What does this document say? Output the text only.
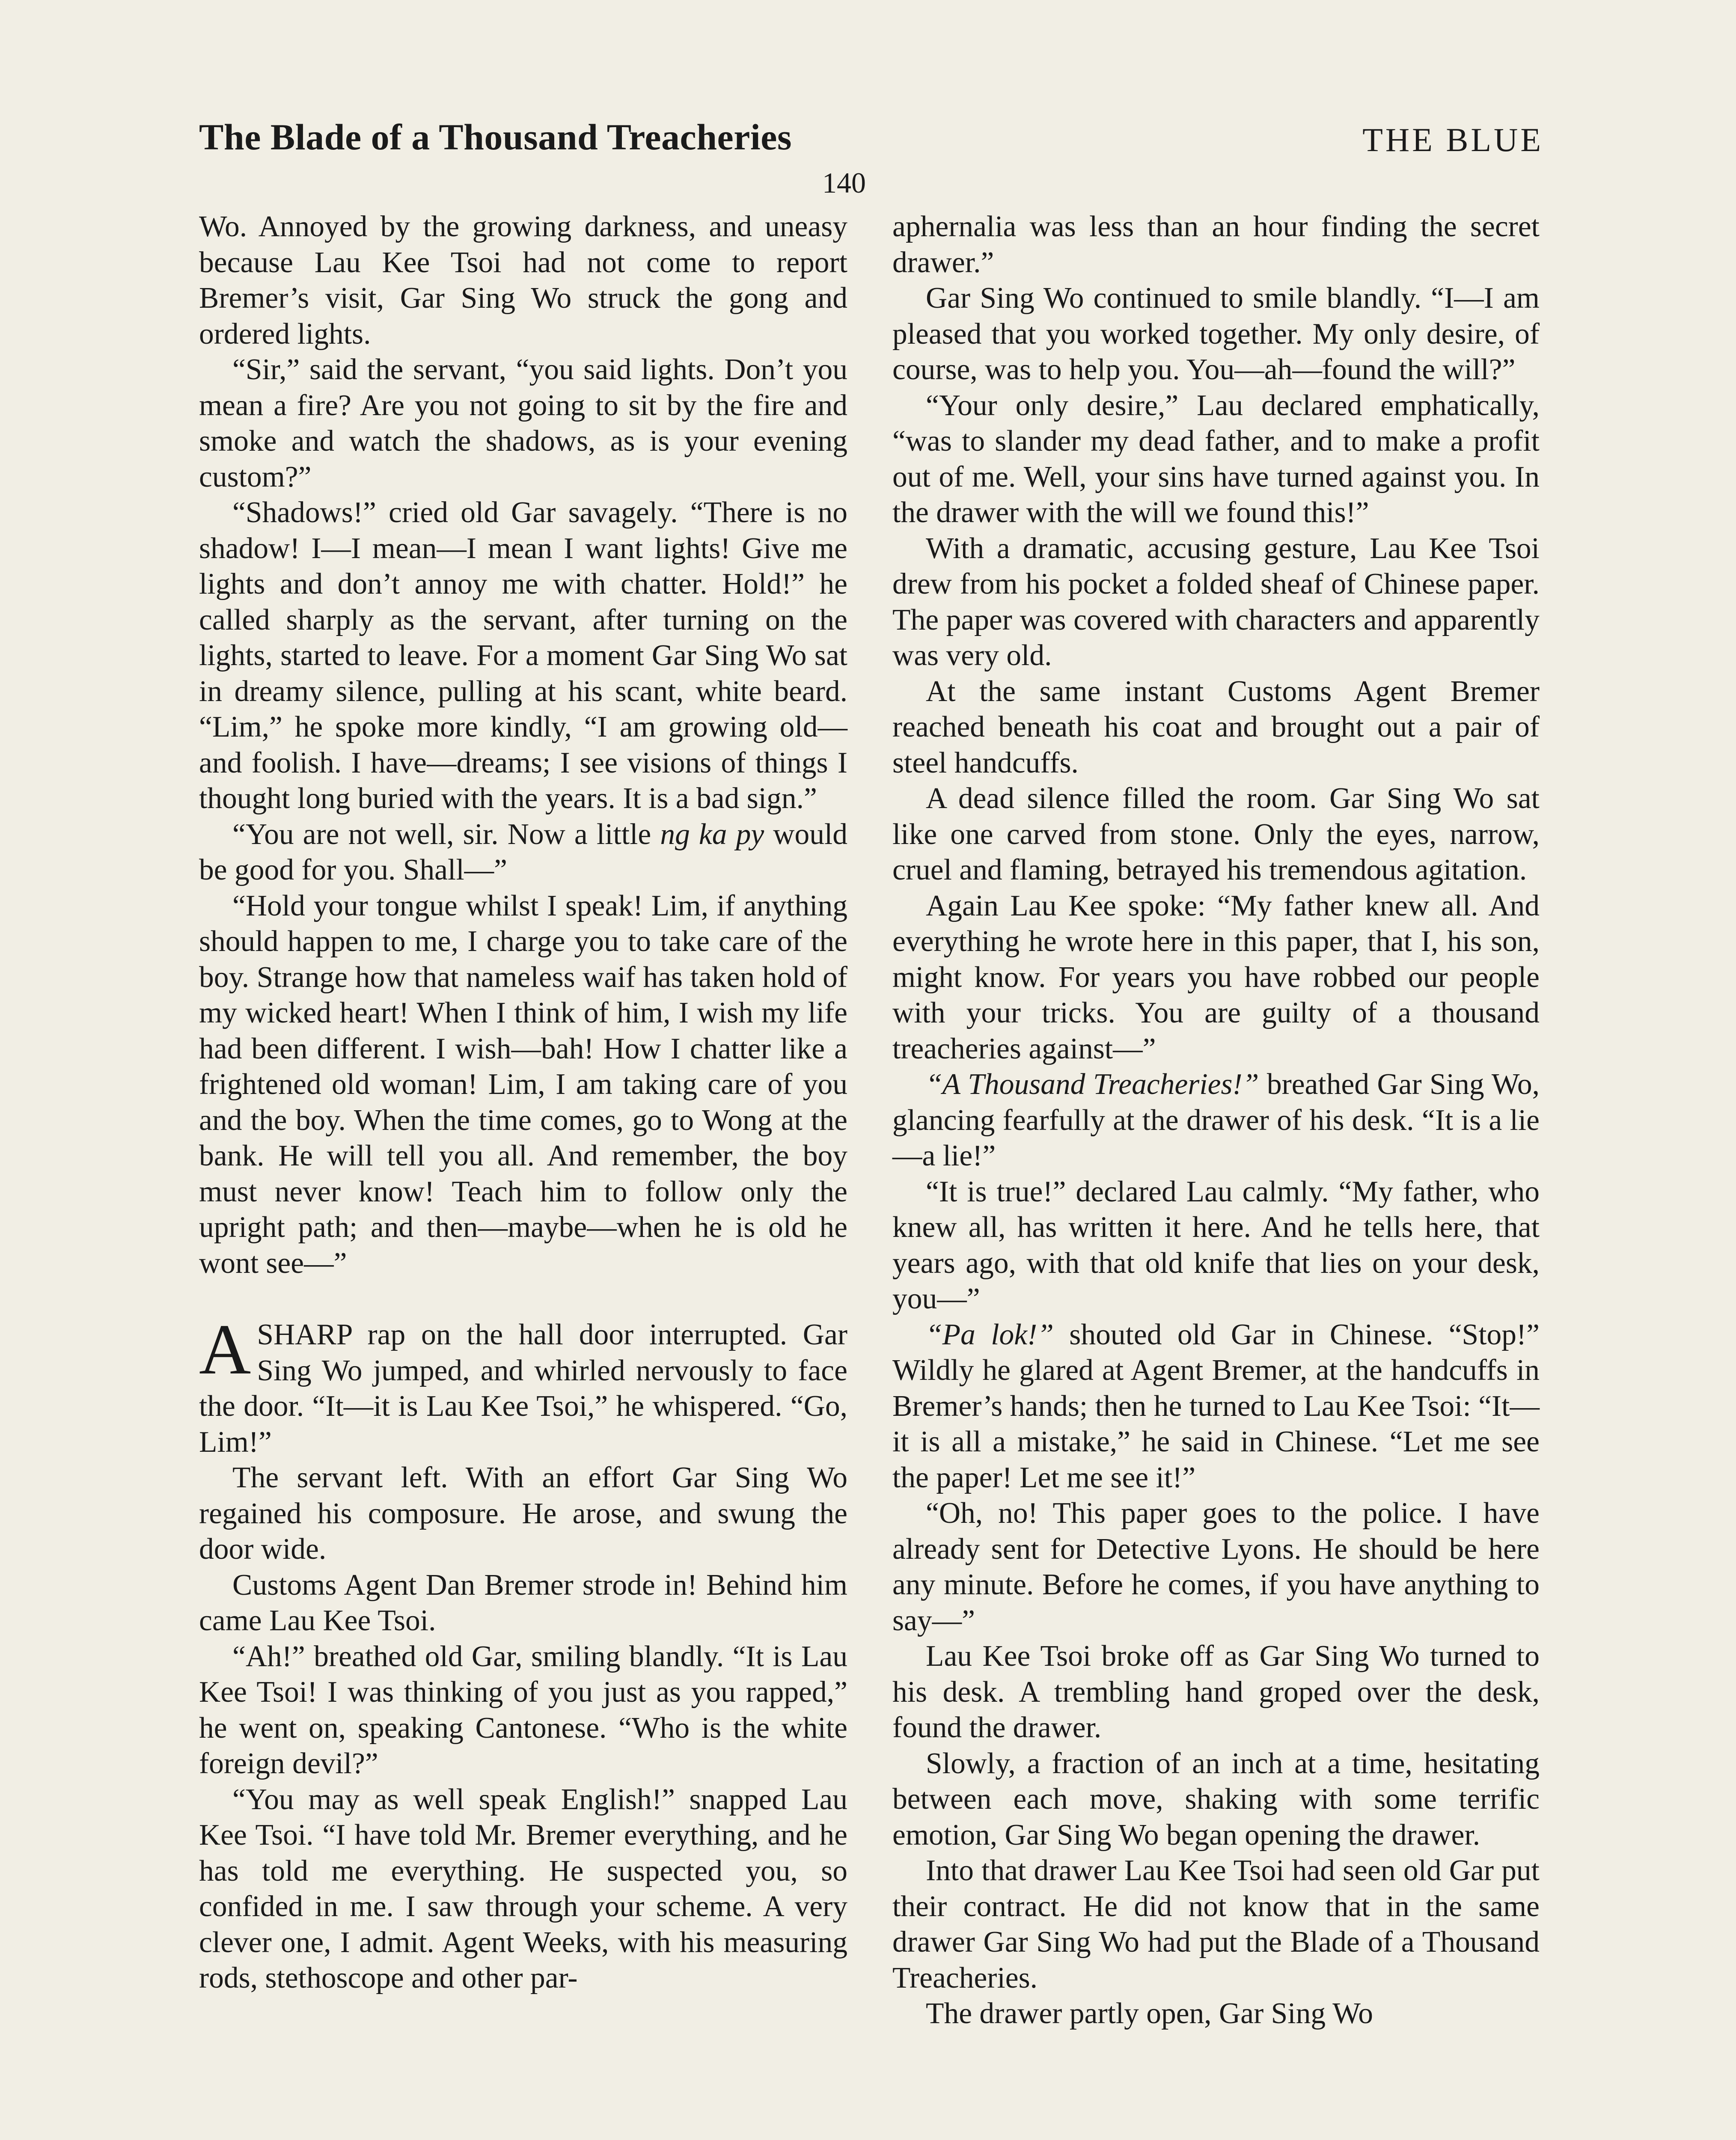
The Blade of a Thousand Treacheries	THE BLUE
140

Wo. Annoyed by the growing darkness, and uneasy because Lau Kee Tsoi had not come to report Bremer’s visit, Gar Sing Wo struck the gong and ordered lights.

“Sir,” said the servant, “you said lights. Don’t you mean a fire? Are you not going to sit by the fire and smoke and watch the shadows, as is your evening custom?”

“Shadows!” cried old Gar savagely. “There is no shadow! I—I mean—I mean I want lights! Give me lights and don’t annoy me with chatter. Hold!” he called sharply as the servant, after turning on the lights, started to leave. For a moment Gar Sing Wo sat in dreamy silence, pulling at his scant, white beard. “Lim,” he spoke more kindly, “I am growing old—and foolish. I have—dreams; I see visions of things I thought long buried with the years. It is a bad sign.”

“You are not well, sir. Now a little ng ka py would be good for you. Shall—”

“Hold your tongue whilst I speak! Lim, if anything should happen to me, I charge you to take care of the boy. Strange how that nameless waif has taken hold of my wicked heart! When I think of him, I wish my life had been different. I wish—bah! How I chatter like a frightened old woman! Lim, I am taking care of you and the boy. When the time comes, go to Wong at the bank. He will tell you all. And remember, the boy must never know! Teach him to follow only the upright path; and then—maybe—when he is old he wont see—”

ASHARP rap on the hall door interrupted. Gar Sing Wo jumped, and whirled nervously to face the door. “It—it is Lau Kee Tsoi,” he whispered. “Go, Lim!”

The servant left. With an effort Gar Sing Wo regained his composure. He arose, and swung the door wide.

Customs Agent Dan Bremer strode in! Behind him came Lau Kee Tsoi.

“Ah!” breathed old Gar, smiling blandly. “It is Lau Kee Tsoi! I was thinking of you just as you rapped,” he went on, speaking Cantonese. “Who is the white foreign devil?”

“You may as well speak English!” snapped Lau Kee Tsoi. “I have told Mr. Bremer everything, and he has told me everything. He suspected you, so confided in me. I saw through your scheme. A very clever one, I admit. Agent Weeks, with his measuring rods, stethoscope and other par-

aphernalia was less than an hour finding the secret drawer.”

Gar Sing Wo continued to smile blandly. “I—I am pleased that you worked together. My only desire, of course, was to help you. You—ah—found the will?”

“Your only desire,” Lau declared emphatically, “was to slander my dead father, and to make a profit out of me. Well, your sins have turned against you. In the drawer with the will we found this!”

With a dramatic, accusing gesture, Lau Kee Tsoi drew from his pocket a folded sheaf of Chinese paper. The paper was covered with characters and apparently was very old.

At the same instant Customs Agent Bremer reached beneath his coat and brought out a pair of steel handcuffs.

A dead silence filled the room. Gar Sing Wo sat like one carved from stone. Only the eyes, narrow, cruel and flaming, betrayed his tremendous agitation.

Again Lau Kee spoke: “My father knew all. And everything he wrote here in this paper, that I, his son, might know. For years you have robbed our people with your tricks. You are guilty of a thousand treacheries against—”

“A Thousand Treacheries!” breathed Gar Sing Wo, glancing fearfully at the drawer of his desk. “It is a lie—a lie!”

“It is true!” declared Lau calmly. “My father, who knew all, has written it here. And he tells here, that years ago, with that old knife that lies on your desk, you—”

“Pa lok!” shouted old Gar in Chinese. “Stop!” Wildly he glared at Agent Bremer, at the handcuffs in Bremer’s hands; then he turned to Lau Kee Tsoi: “It—it is all a mistake,” he said in Chinese. “Let me see the paper! Let me see it!”

“Oh, no! This paper goes to the police. I have already sent for Detective Lyons. He should be here any minute. Before he comes, if you have anything to say—”

Lau Kee Tsoi broke off as Gar Sing Wo turned to his desk. A trembling hand groped over the desk, found the drawer.

Slowly, a fraction of an inch at a time, hesitating between each move, shaking with some terrific emotion, Gar Sing Wo began opening the drawer.

Into that drawer Lau Kee Tsoi had seen old Gar put their contract. He did not know that in the same drawer Gar Sing Wo had put the Blade of a Thousand Treacheries.

The drawer partly open, Gar Sing Wo
